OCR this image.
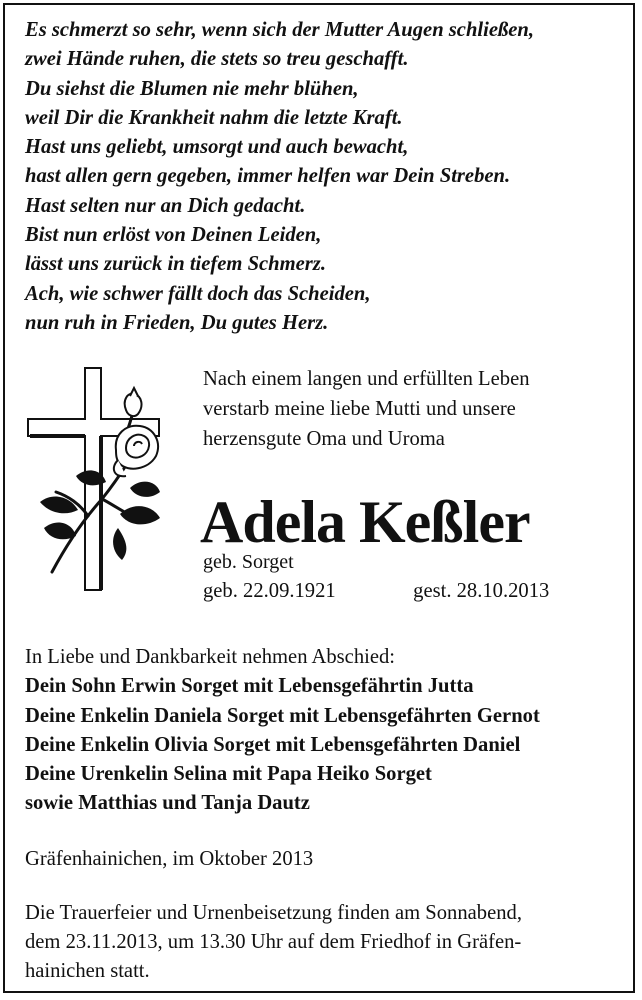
Es schmerzt so sehr, wenn sich der Mutter Augen schließen,
zwei Hände ruhen, die stets so treu geschafft.
Du siehst die Blumen nie mehr blühen,
weil Dir die Krankheit nahm die letzte Kraft.
Hast uns geliebt, umsorgt und auch bewacht,
hast allen gern gegeben, immer helfen war Dein Streben.
Hast selten nur an Dich gedacht.
Bist nun erlöst von Deinen Leiden,
lässt uns zurück in tiefem Schmerz.
Ach, wie schwer fällt doch das Scheiden,
nun ruh in Frieden, Du gutes Herz.
Nach einem langen und erfüllten Leben
verstarb meine liebe Mutti und unsere
herzensgute Oma und Uroma
Adela Keßler
geb. Sorget
geb. 22.09.1921	gest. 28.10.2013
In Liebe und Dankbarkeit nehmen Abschied:
Dein Sohn Erwin Sorget mit Lebensgefährtin Jutta
Deine Enkelin Daniela Sorget mit Lebensgefährten Gernot
Deine Enkelin Olivia Sorget mit Lebensgefährten Daniel
Deine Urenkelin Selina mit Papa Heiko Sorget
sowie Matthias und Tanja Dautz
Gräfenhainichen, im Oktober 2013
Die Trauerfeier und Urnenbeisetzung finden am Sonnabend,
dem 23.11.2013, um 13.30 Uhr auf dem Friedhof in Gräfen-
hainichen statt.
